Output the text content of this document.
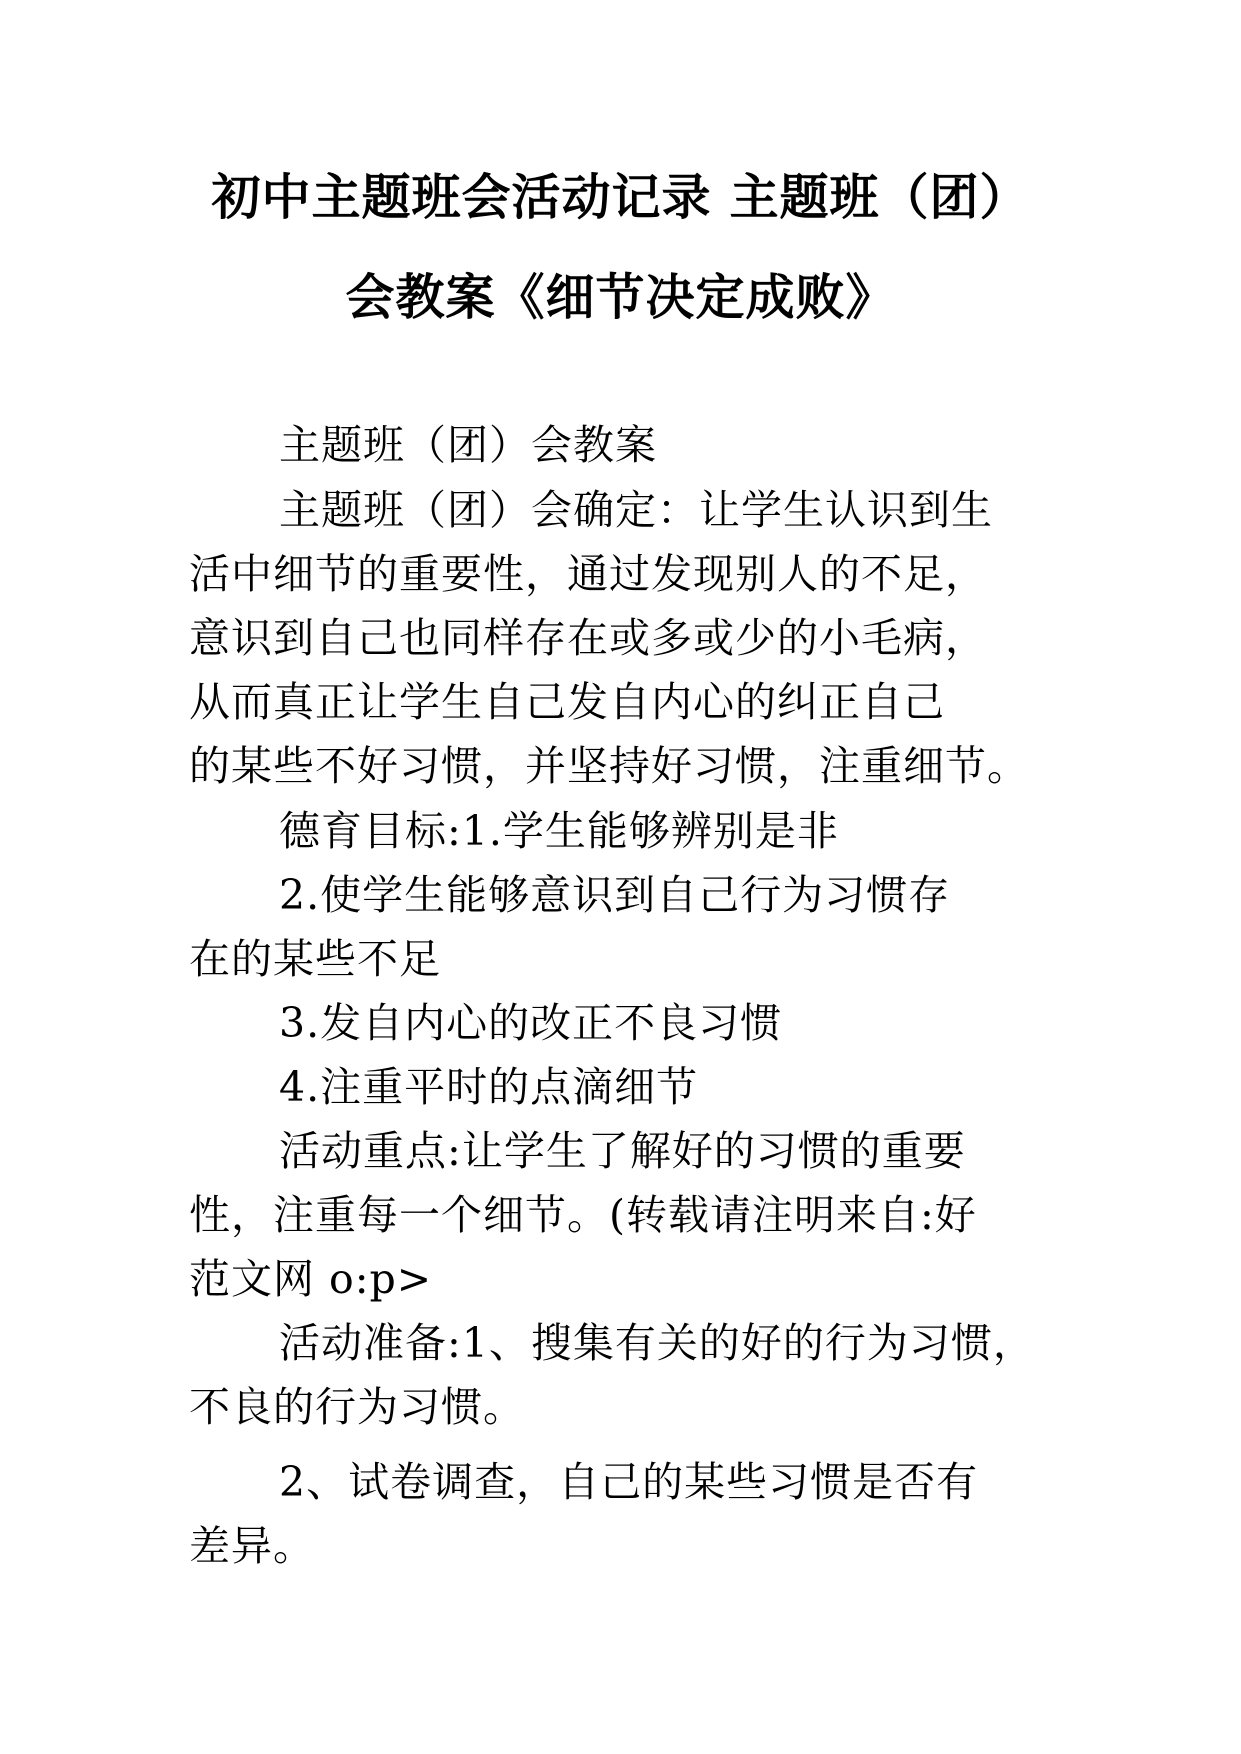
初中主题班会活动记录 主题班（团）
会教案《细节决定成败》
主题班（团）会教案
主题班（团）会确定：让学生认识到生
活中细节的重要性，通过发现别人的不足，
意识到自己也同样存在或多或少的小毛病，
从而真正让学生自己发自内心的纠正自己
的某些不好习惯，并坚持好习惯，注重细节。
德育目标:1.学生能够辨别是非
2.使学生能够意识到自己行为习惯存
在的某些不足
3.发自内心的改正不良习惯
4.注重平时的点滴细节
活动重点:让学生了解好的习惯的重要
性，注重每一个细节。(转载请注明来自:好
范文网 o:p>
活动准备:1、搜集有关的好的行为习惯，
不良的行为习惯。
2、试卷调查，自己的某些习惯是否有
差异。
